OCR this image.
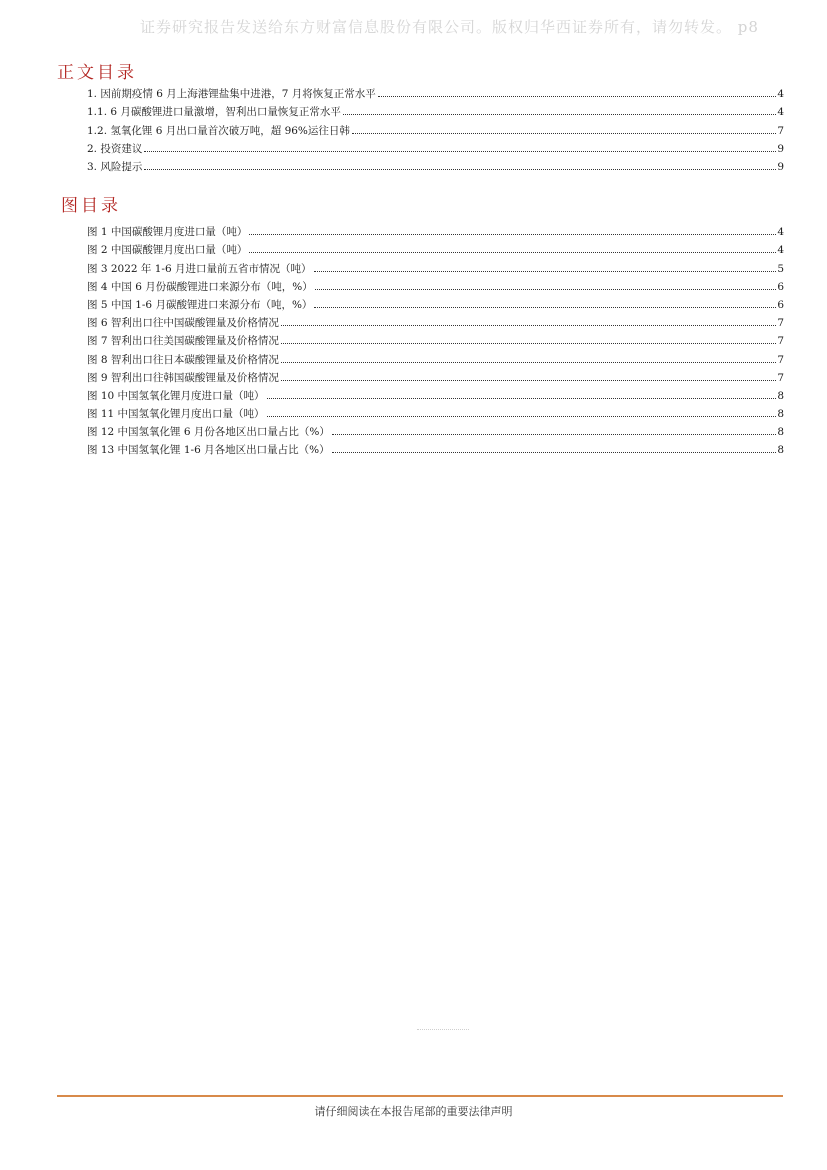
证券研究报告发送给东方财富信息股份有限公司。版权归华西证券所有，请勿转发。 p8
正文目录
1. 因前期疫情 6 月上海港锂盐集中进港，7 月将恢复正常水平	4
1.1. 6 月碳酸锂进口量激增，智利出口量恢复正常水平	4
1.2. 氢氧化锂 6 月出口量首次破万吨，超 96%运往日韩	7
2. 投资建议	9
3. 风险提示	9
图目录
图 1 中国碳酸锂月度进口量（吨）	4
图 2 中国碳酸锂月度出口量（吨）	4
图 3 2022 年 1-6 月进口量前五省市情况（吨）	5
图 4 中国 6 月份碳酸锂进口来源分布（吨，%）	6
图 5 中国 1-6 月碳酸锂进口来源分布（吨，%）	6
图 6 智利出口往中国碳酸锂量及价格情况	7
图 7 智利出口往美国碳酸锂量及价格情况	7
图 8 智利出口往日本碳酸锂量及价格情况	7
图 9 智利出口往韩国碳酸锂量及价格情况	7
图 10 中国氢氧化锂月度进口量（吨）	8
图 11 中国氢氧化锂月度出口量（吨）	8
图 12 中国氢氧化锂 6 月份各地区出口量占比（%）	8
图 13 中国氢氧化锂 1-6 月各地区出口量占比（%）	8
请仔细阅读在本报告尾部的重要法律声明
